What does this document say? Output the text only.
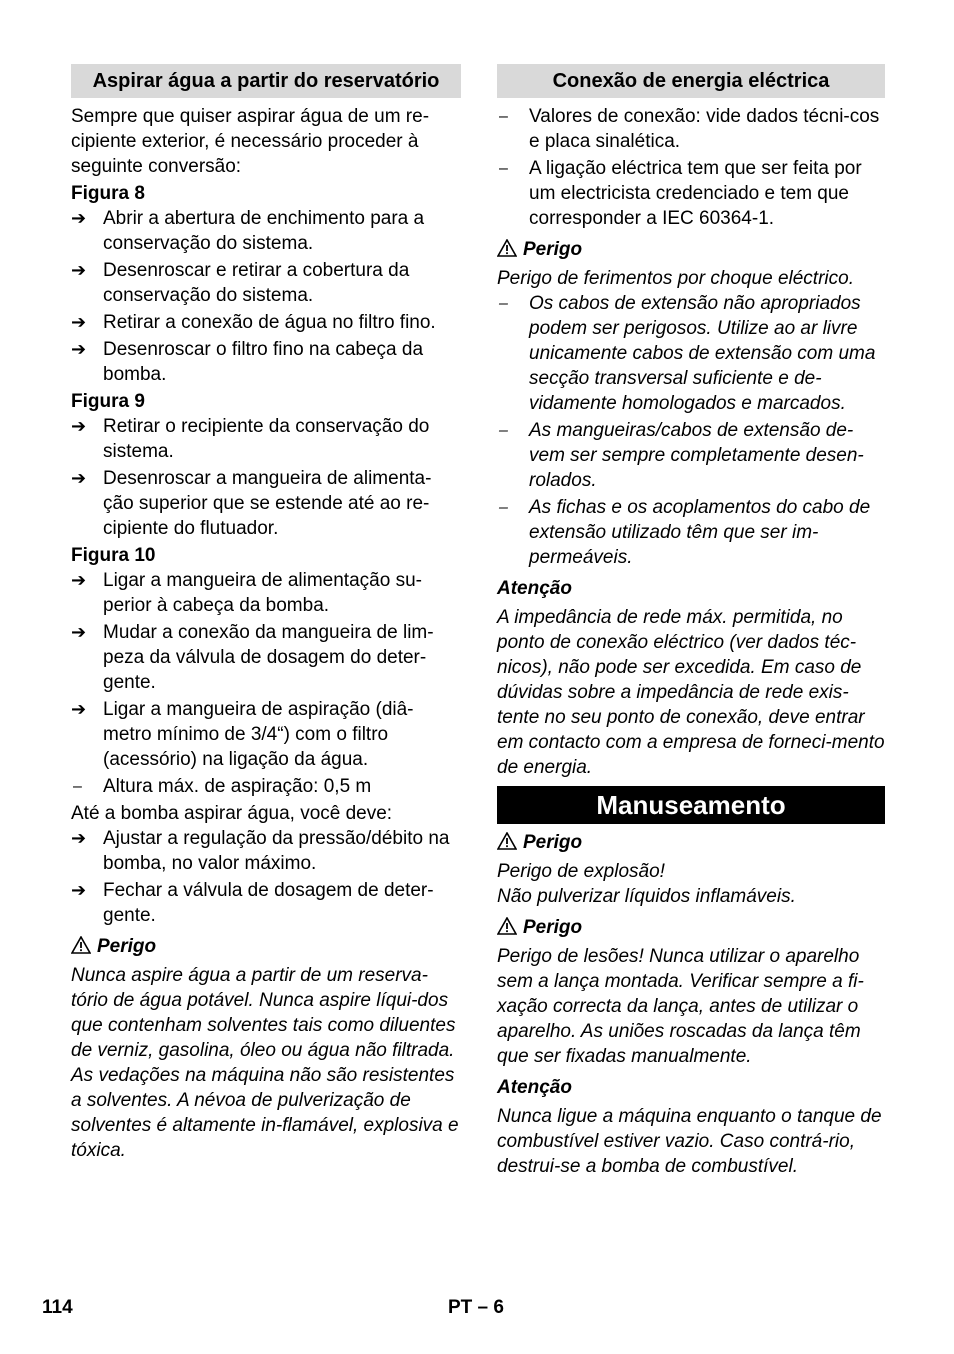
Aspirar água a partir do reservatório

Sempre que quiser aspirar água de um re-cipiente exterior, é necessário proceder à seguinte conversão:

Figura 8
➔ Abrir a abertura de enchimento para a conservação do sistema.
➔ Desenroscar e retirar a cobertura da conservação do sistema.
➔ Retirar a conexão de água no filtro fino.
➔ Desenroscar o filtro fino na cabeça da bomba.
Figura 9
➔ Retirar o recipiente da conservação do sistema.
➔ Desenroscar a mangueira de alimenta-ção superior que se estende até ao re-cipiente do flutuador.
Figura 10
➔ Ligar a mangueira de alimentação su-perior à cabeça da bomba.
➔ Mudar a conexão da mangueira de lim-peza da válvula de dosagem do deter-gente.
➔ Ligar a mangueira de aspiração (diâ-metro mínimo de 3/4“) com o filtro (acessório) na ligação da água.
–	Altura máx. de aspiração: 0,5 m

Até a bomba aspirar água, você deve:

➔ Ajustar a regulação da pressão/débito na bomba, no valor máximo.
➔ Fechar a válvula de dosagem de deter-gente.
Perigo

Nunca aspire água a partir de um reserva-tório de água potável. Nunca aspire líqui-dos que contenham solventes tais como diluentes de verniz, gasolina, óleo ou água não filtrada. As vedações na máquina não são resistentes a solventes. A névoa de pulverização de solventes é altamente in-flamável, explosiva e tóxica.

Conexão de energia eléctrica
–	Valores de conexão: vide dados técni-cos e placa sinalética.
–	A ligação eléctrica tem que ser feita por um electricista credenciado e tem que corresponder a IEC 60364-1.
Perigo

Perigo de ferimentos por choque eléctrico.

–	Os cabos de extensão não apropriados podem ser perigosos. Utilize ao ar livre unicamente cabos de extensão com uma secção transversal suficiente e de-vidamente homologados e marcados.
–	As mangueiras/cabos de extensão de-vem ser sempre completamente desen-rolados.
–	As fichas e os acoplamentos do cabo de extensão utilizado têm que ser im-permeáveis.
Atenção

A impedância de rede máx. permitida, no ponto de conexão eléctrico (ver dados téc-nicos), não pode ser excedida. Em caso de dúvidas sobre a impedância de rede exis-tente no seu ponto de conexão, deve entrar em contacto com a empresa de forneci-mento de energia.

Manuseamento
Perigo

Perigo de explosão!

Não pulverizar líquidos inflamáveis.

Perigo

Perigo de lesões! Nunca utilizar o aparelho sem a lança montada. Verificar sempre a fi-xação correcta da lança, antes de utilizar o aparelho. As uniões roscadas da lança têm que ser fixadas manualmente.

Atenção

Nunca ligue a máquina enquanto o tanque de combustível estiver vazio. Caso contrá-rio, destrui-se a bomba de combustível.

114	PT – 6
